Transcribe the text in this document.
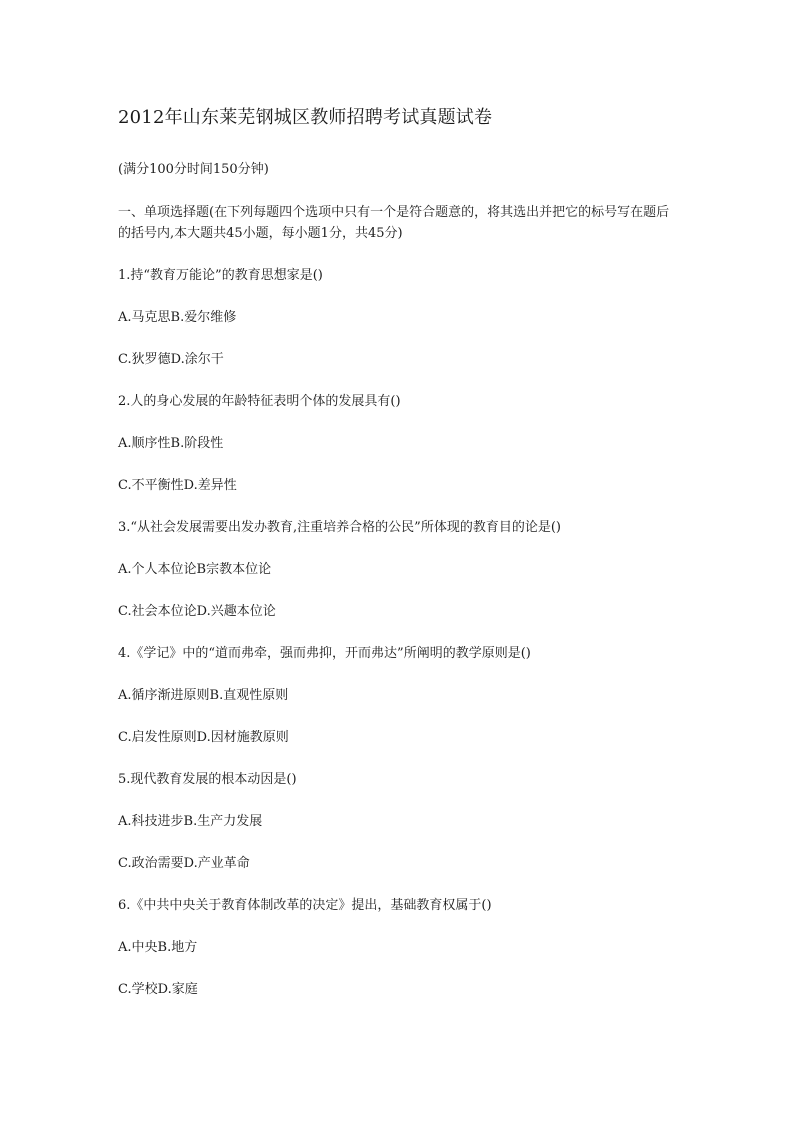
2012年山东莱芜钢城区教师招聘考试真题试卷

(满分100分时间150分钟)

一、单项选择题(在下列每题四个选项中只有一个是符合题意的，将其选出并把它的标号写在题后的括号内,本大题共45小题，每小题1分，共45分)

1.持“教育万能论”的教育思想家是()

A.马克思B.爱尔维修

C.狄罗德D.涂尔干

2.人的身心发展的年龄特征表明个体的发展具有()

A.顺序性B.阶段性

C.不平衡性D.差异性

3.“从社会发展需要出发办教育,注重培养合格的公民”所体现的教育目的论是()

A.个人本位论B宗教本位论

C.社会本位论D.兴趣本位论

4.《学记》中的“道而弗牵，强而弗抑，开而弗达”所阐明的教学原则是()

A.循序渐进原则B.直观性原则

C.启发性原则D.因材施教原则

5.现代教育发展的根本动因是()

A.科技进步B.生产力发展

C.政治需要D.产业革命

6.《中共中央关于教育体制改革的决定》提出，基础教育权属于()

A.中央B.地方

C.学校D.家庭
